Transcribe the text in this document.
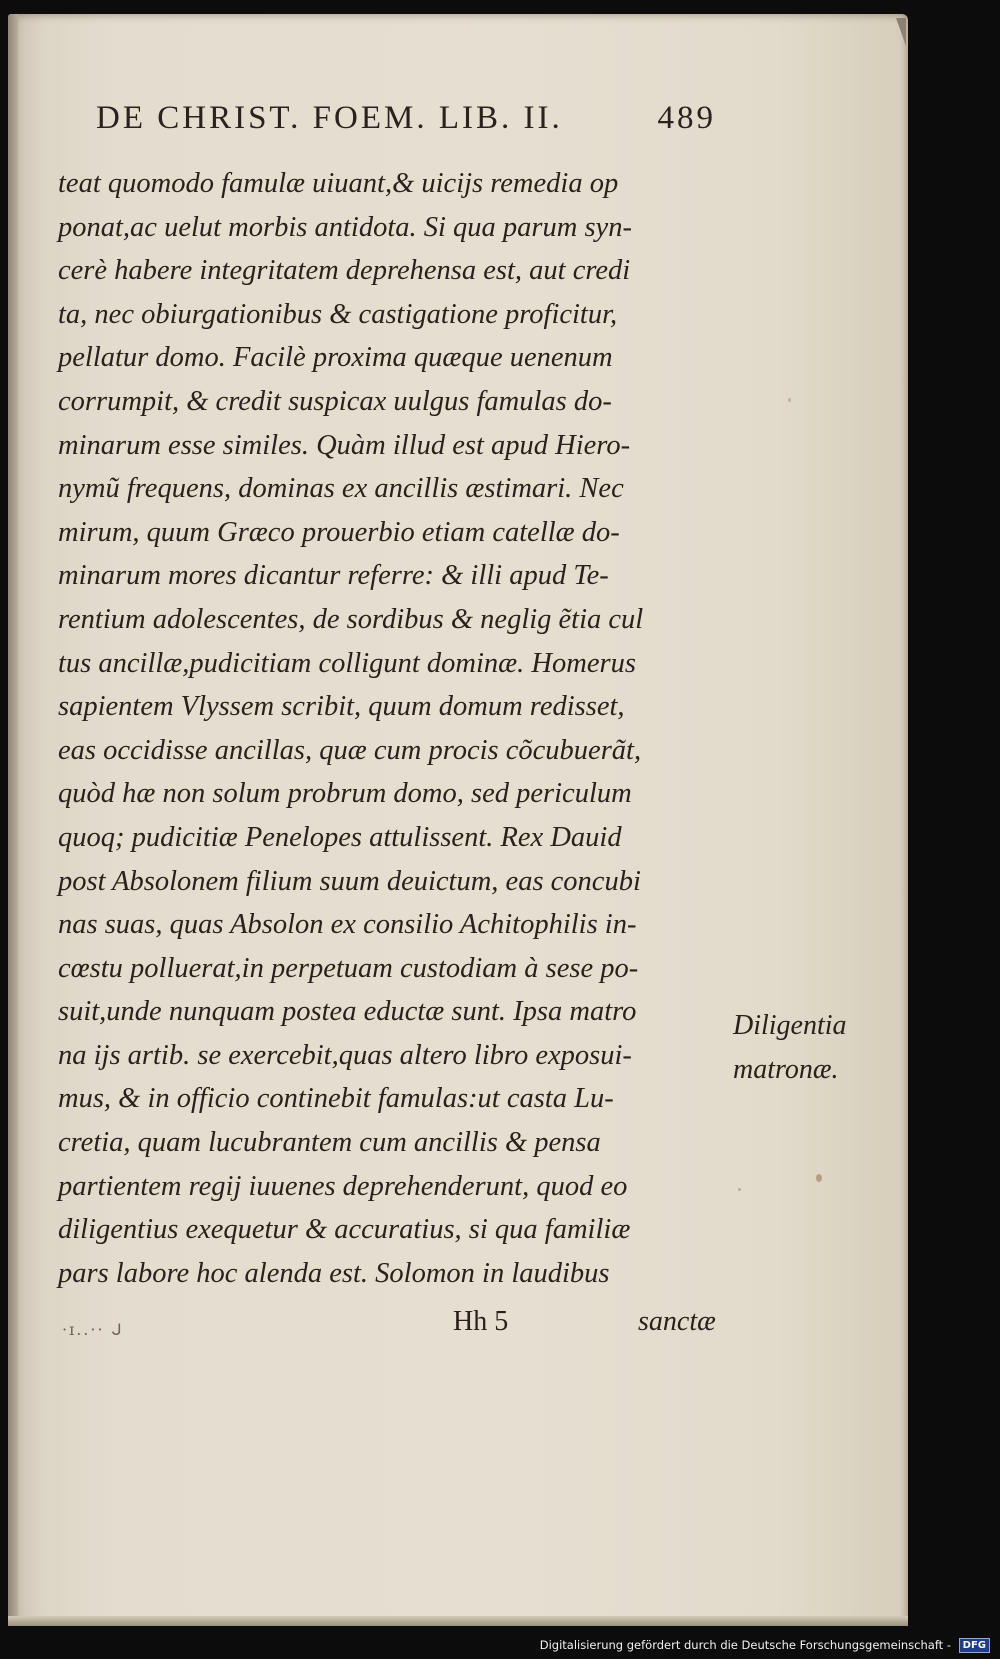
DE CHRIST. FOEM. LIB. II.	489
teat quomodo famulæ uiuant,& uicijs remedia op
ponat,ac uelut morbis antidota. Si qua parum syn-
cerè habere integritatem deprehensa est, aut credi
ta, nec obiurgationibus & castigatione proficitur,
pellatur domo. Facilè proxima quæque uenenum
corrumpit, & credit suspicax uulgus famulas do-
minarum esse similes. Quàm illud est apud Hiero-
nymũ frequens, dominas ex ancillis æstimari. Nec
mirum, quum Græco prouerbio etiam catellæ do-
minarum mores dicantur referre: & illi apud Te-
rentium adolescentes, de sordibus & neglig ẽtia cul
tus ancillæ,pudicitiam colligunt dominæ. Homerus
sapientem Vlyssem scribit, quum domum redisset,
eas occidisse ancillas, quæ cum procis cõcubuerãt,
quòd hæ non solum probrum domo, sed periculum
quoq; pudicitiæ Penelopes attulissent. Rex Dauid
post Absolonem filium suum deuictum, eas concubi
nas suas, quas Absolon ex consilio Achitophilis in-
cœstu polluerat,in perpetuam custodiam à sese po-
suit,unde nunquam postea eductæ sunt. Ipsa matro
na ijs artib. se exercebit,quas altero libro exposui-
mus, & in officio continebit famulas:ut casta Lu-
cretia, quam lucubrantem cum ancillis & pensa
partientem regij iuuenes deprehenderunt, quod eo
diligentius exequetur & accuratius, si qua familiæ
pars labore hoc alenda est. Solomon in laudibus
Diligentia
matronæ.
·ɪ..·· ᒍ	Hh 5	sanctæ
Digitalisierung gefördert durch die Deutsche Forschungsgemeinschaft - DFG
